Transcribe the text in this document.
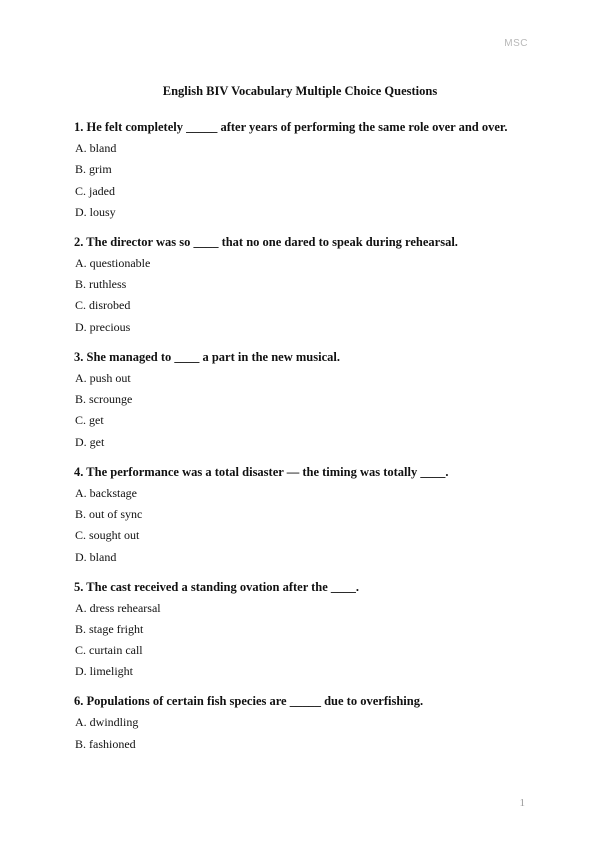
MSC
English BIV Vocabulary Multiple Choice Questions
1. He felt completely _____ after years of performing the same role over and over.
A. bland
B. grim
C. jaded
D. lousy
2. The director was so ____ that no one dared to speak during rehearsal.
A. questionable
B. ruthless
C. disrobed
D. precious
3. She managed to ____ a part in the new musical.
A. push out
B. scrounge
C. get
D. get
4. The performance was a total disaster — the timing was totally ____.
A. backstage
B. out of sync
C. sought out
D. bland
5. The cast received a standing ovation after the ____.
A. dress rehearsal
B. stage fright
C. curtain call
D. limelight
6. Populations of certain fish species are _____ due to overfishing.
A. dwindling
B. fashioned
1
